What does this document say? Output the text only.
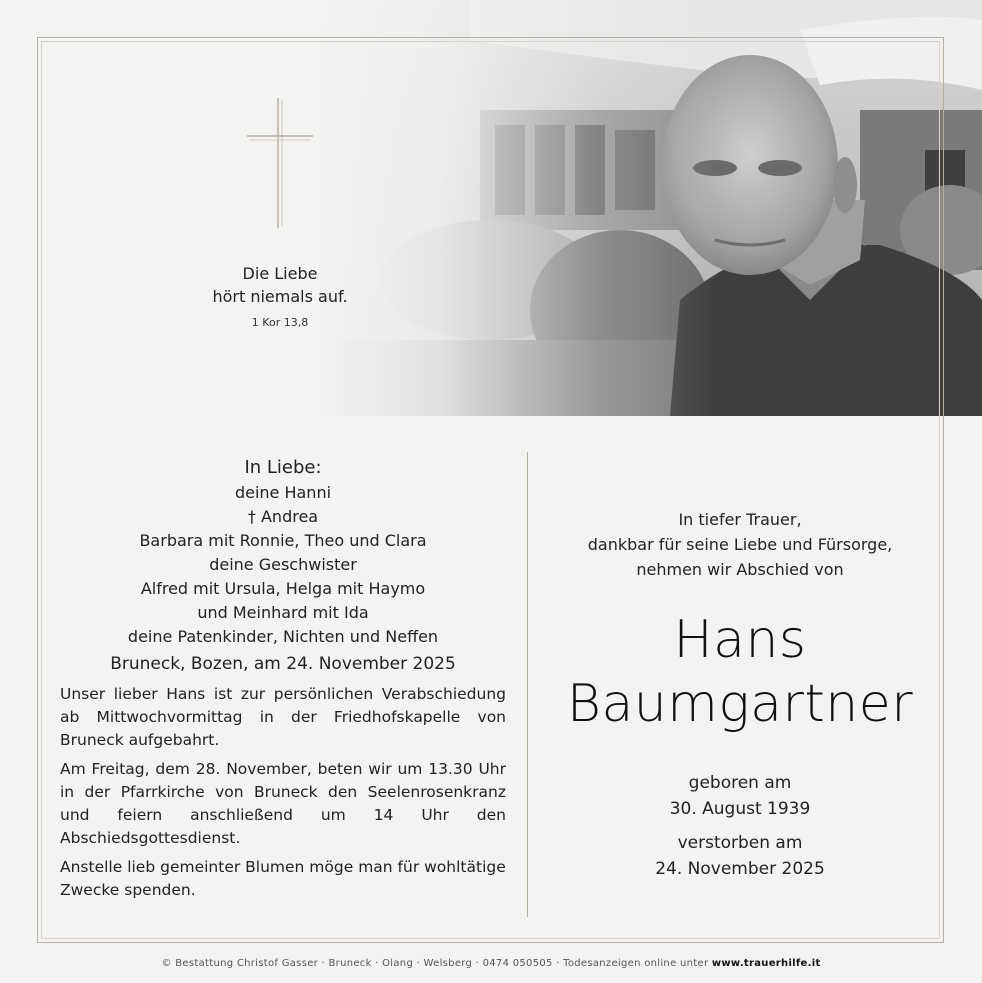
Die Liebe
hört niemals auf.
1 Kor 13,8
In Liebe:
deine Hanni
† Andrea
Barbara mit Ronnie, Theo und Clara
deine Geschwister
Alfred mit Ursula, Helga mit Haymo
und Meinhard mit Ida
deine Patenkinder, Nichten und Neffen
Bruneck, Bozen, am 24. November 2025

Unser lieber Hans ist zur persönlichen Verabschiedung ab Mittwochvormittag in der Friedhofskapelle von Bruneck aufgebahrt.

Am Freitag, dem 28. November, beten wir um 13.30 Uhr in der Pfarrkirche von Bruneck den Seelenrosenkranz und feiern anschließend um 14 Uhr den Abschiedsgottesdienst.

Anstelle lieb gemeinter Blumen möge man für wohltätige Zwecke spenden.

In tiefer Trauer,
dankbar für seine Liebe und Fürsorge,
nehmen wir Abschied von
Hans
Baumgartner
geboren am
30. August 1939
verstorben am
24. November 2025
© Bestattung Christof Gasser · Bruneck · Olang · Welsberg · 0474 050505 · Todesanzeigen online unter www.trauerhilfe.it
